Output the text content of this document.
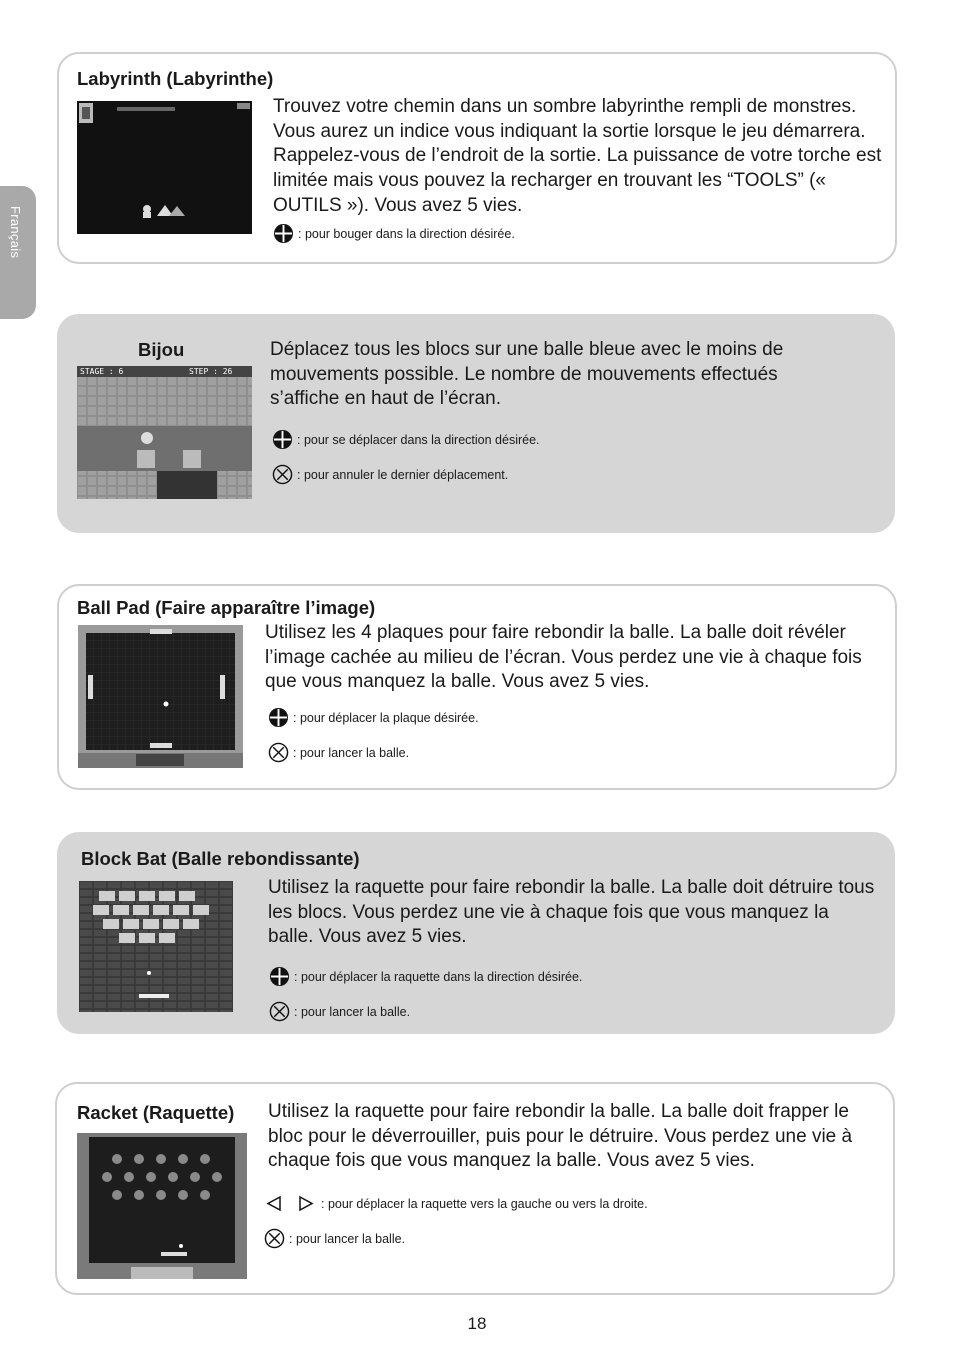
Français
Labyrinth (Labyrinthe)
Trouvez votre chemin dans un sombre labyrinthe rempli de monstres. Vous aurez un indice vous indiquant la sortie lorsque le jeu démarrera. Rappelez-vous de l’endroit de la sortie. La puissance de votre torche est limitée mais vous pouvez la recharger en trouvant les “TOOLS” (« OUTILS »). Vous avez 5 vies.
: pour bouger dans la direction désirée.
Bijou
STAGE : 6	STEP : 26
Déplacez tous les blocs sur une balle bleue avec le moins de mouvements possible. Le nombre de mouvements effectués s’affiche en haut de l’écran.
: pour se déplacer dans la direction désirée.
: pour annuler le dernier déplacement.
Ball Pad (Faire apparaître l’image)
Utilisez les 4 plaques pour faire rebondir la balle. La balle doit révéler l’image cachée au milieu de l’écran. Vous perdez une vie à chaque fois que vous manquez la balle. Vous avez 5 vies.
: pour déplacer la plaque désirée.
: pour lancer la balle.
Block Bat (Balle rebondissante)
Utilisez la raquette pour faire rebondir la balle. La balle doit détruire tous les blocs. Vous perdez une vie à chaque fois que vous manquez la balle. Vous avez 5 vies.
: pour déplacer la raquette dans la direction désirée.
: pour lancer la balle.
Racket (Raquette) Utilisez la raquette pour faire rebondir la balle. La balle doit frapper le bloc pour le déverrouiller, puis pour le détruire. Vous perdez une vie à chaque fois que vous manquez la balle. Vous avez 5 vies.
: pour déplacer la raquette vers la gauche ou vers la droite.
: pour lancer la balle.
18
